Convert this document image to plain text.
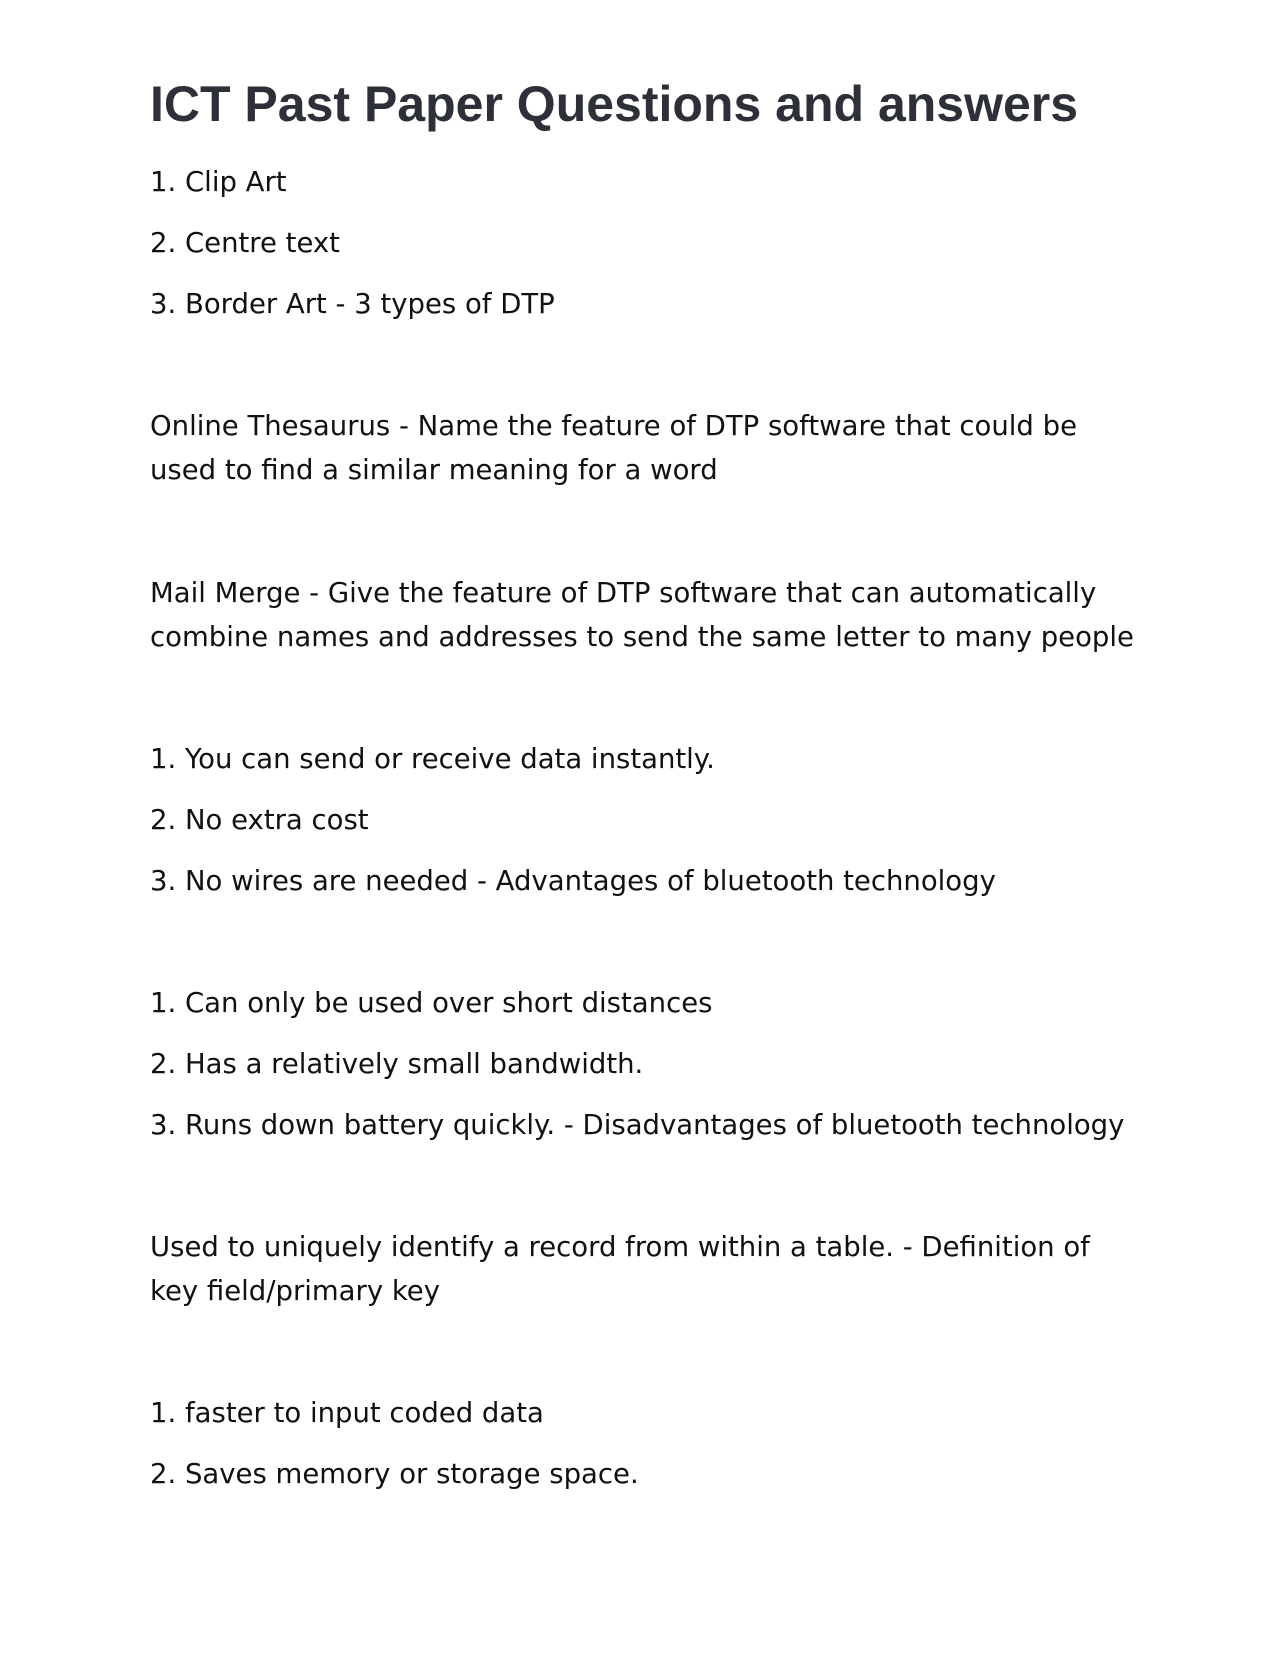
ICT Past Paper Questions and answers

1. Clip Art

2. Centre text

3. Border Art - 3 types of DTP

Online Thesaurus - Name the feature of DTP software that could be

used to find a similar meaning for a word

Mail Merge - Give the feature of DTP software that can automatically

combine names and addresses to send the same letter to many people

1. You can send or receive data instantly.

2. No extra cost

3. No wires are needed - Advantages of bluetooth technology

1. Can only be used over short distances

2. Has a relatively small bandwidth.

3. Runs down battery quickly. - Disadvantages of bluetooth technology

Used to uniquely identify a record from within a table. - Definition of

key field/primary key

1. faster to input coded data

2. Saves memory or storage space.
